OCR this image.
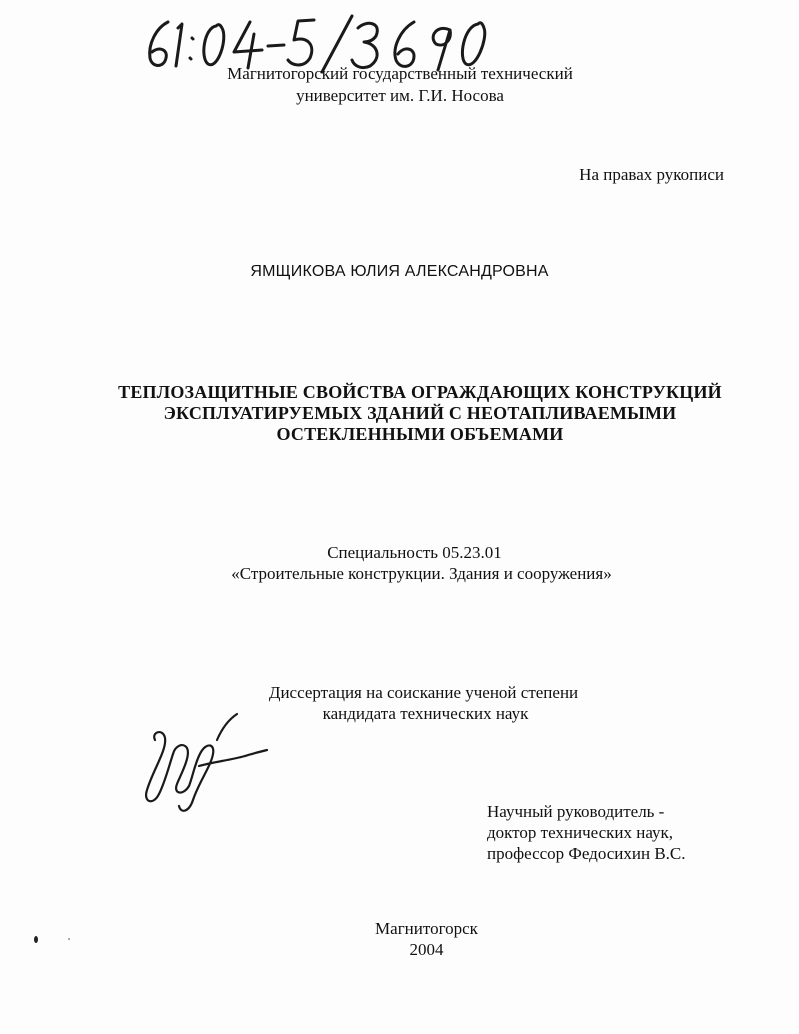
Магнитогорский государственный технический
университет им. Г.И. Носова
На правах рукописи
ЯМЩИКОВА ЮЛИЯ АЛЕКСАНДРОВНА
ТЕПЛОЗАЩИТНЫЕ СВОЙСТВА ОГРАЖДАЮЩИХ КОНСТРУКЦИЙ
ЭКСПЛУАТИРУЕМЫХ ЗДАНИЙ С НЕОТАПЛИВАЕМЫМИ
ОСТЕКЛЕННЫМИ ОБЪЕМАМИ
Специальность 05.23.01
«Строительные конструкции. Здания и сооружения»
Диссертация на соискание ученой степени
кандидата технических наук
Научный руководитель -
доктор технических наук,
профессор Федосихин В.С.
Магнитогорск
2004
